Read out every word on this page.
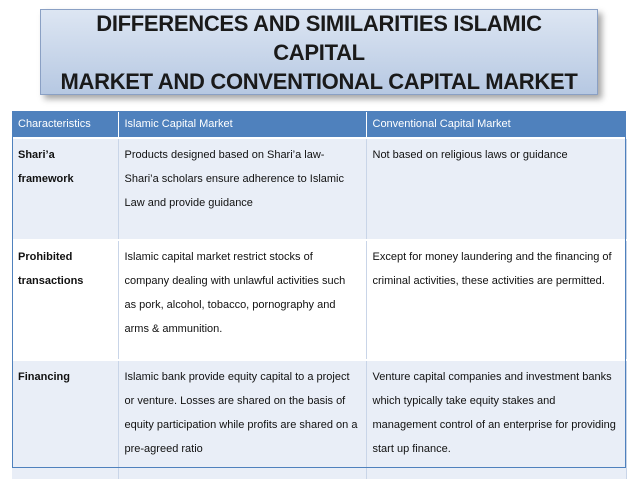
DIFFERENCES AND SIMILARITIES ISLAMIC CAPITAL
MARKET AND CONVENTIONAL CAPITAL MARKET
Characteristics	Islamic Capital Market	Conventional Capital Market
Shari’a framework	Products designed based on Shari’a law- Shari’a scholars ensure adherence to Islamic Law and provide guidance	Not based on religious laws or guidance
Prohibited transactions	Islamic capital market restrict stocks of company dealing with unlawful activities such as pork, alcohol, tobacco, pornography and arms & ammunition.	Except for money laundering and the financing of criminal activities, these activities are permitted.
Financing	Islamic bank provide equity capital to a project or venture. Losses are shared on the basis of equity participation while profits are shared on a pre-agreed ratio	Venture capital companies and investment banks which typically take equity stakes and management control of an enterprise for providing start up finance.
